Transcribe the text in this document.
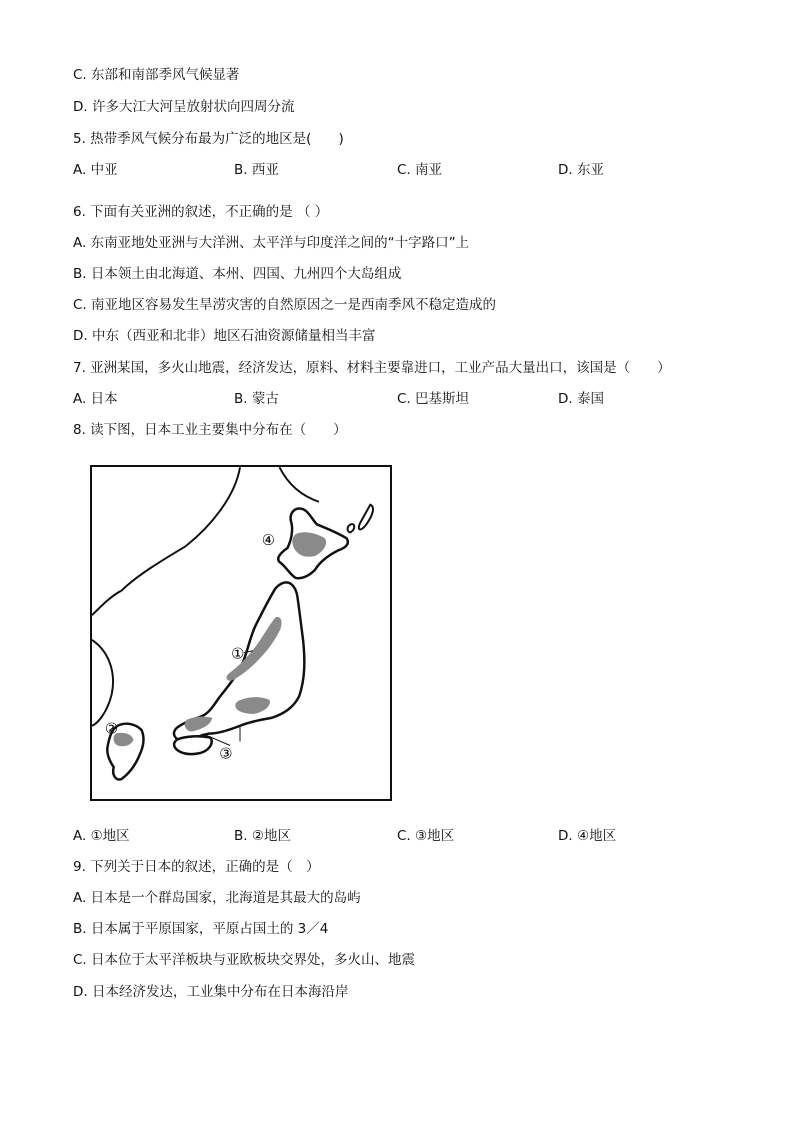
C. 东部和南部季风气候显著
D. 许多大江大河呈放射状向四周分流
5. 热带季风气候分布最为广泛的地区是(　　)
A. 中亚	B. 西亚	C. 南亚	D. 东亚
6. 下面有关亚洲的叙述，不正确的是 （ ）
A. 东南亚地处亚洲与大洋洲、太平洋与印度洋之间的“十字路口”上
B. 日本领土由北海道、本州、四国、九州四个大岛组成
C. 南亚地区容易发生旱涝灾害的自然原因之一是西南季风不稳定造成的
D. 中东（西亚和北非）地区石油资源储量相当丰富
7. 亚洲某国，多火山地震，经济发达，原料、材料主要靠进口，工业产品大量出口，该国是（　　）
A. 日本	B. 蒙古	C. 巴基斯坦	D. 泰国
8. 读下图，日本工业主要集中分布在（　　）
④
①
②
③
A. ①地区	B. ②地区	C. ③地区	D. ④地区
9. 下列关于日本的叙述，正确的是（　）
A. 日本是一个群岛国家，北海道是其最大的岛屿
B. 日本属于平原国家，平原占国土的 3／4
C. 日本位于太平洋板块与亚欧板块交界处，多火山、地震
D. 日本经济发达，工业集中分布在日本海沿岸
